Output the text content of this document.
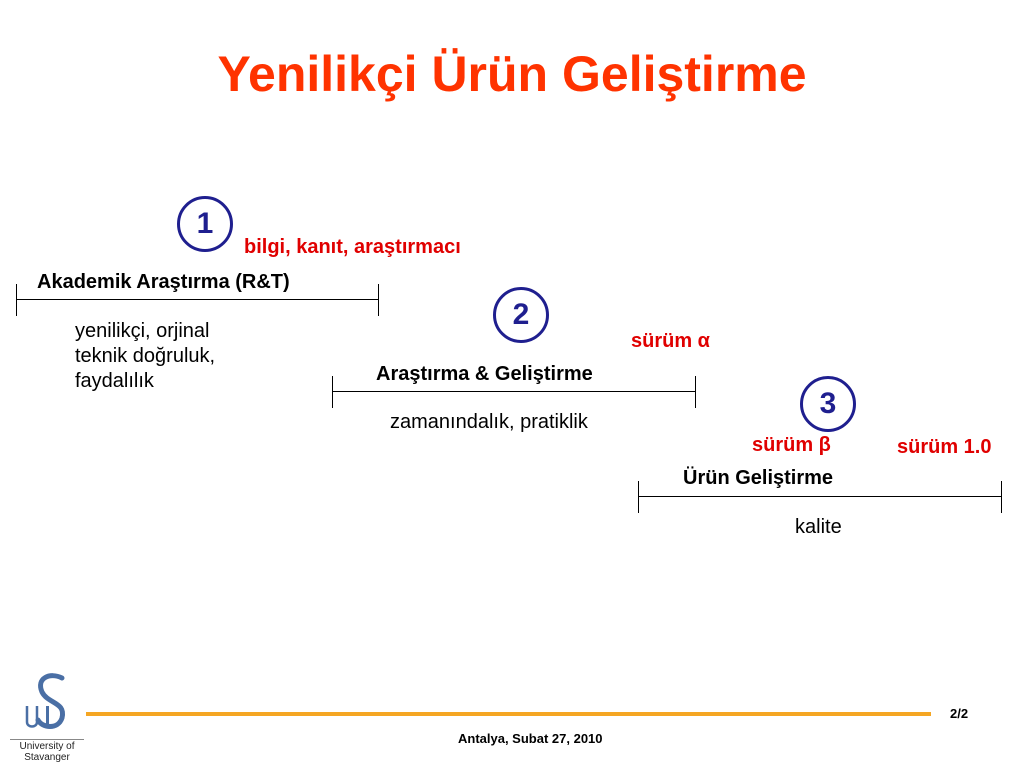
Yenilikçi Ürün Geliştirme
1
bilgi, kanıt, araştırmacı
Akademik Araştırma (R&T)
yenilikçi, orjinal
teknik doğruluk,
faydalılık
2
sürüm α
Araştırma & Geliştirme
zamanındalık, pratiklik
3
sürüm β	sürüm 1.0
Ürün Geliştirme
kalite
University of
Stavanger
2/2
Antalya, Subat 27, 2010
